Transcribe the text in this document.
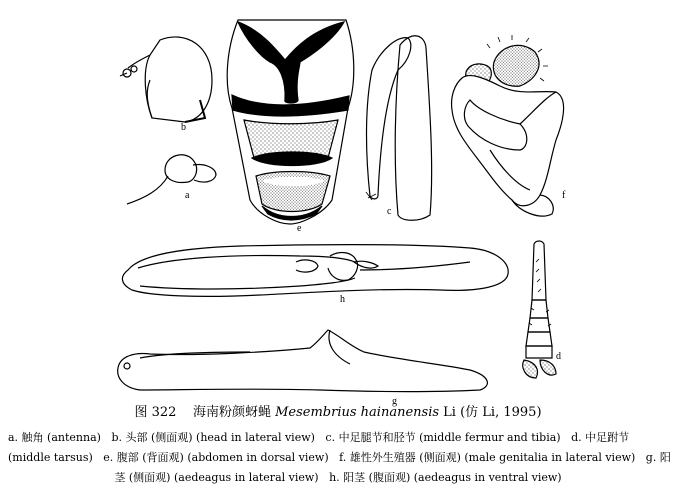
b
a
e
c
f
h
g
d
图 322 海南粉颜蚜蝇 Mesembrius hainanensis Li (仿 Li, 1995)
a. 触角 (antenna) b. 头部 (侧面观) (head in lateral view) c. 中足腿节和胫节 (middle fermur and tibia) d. 中足跗节
(middle tarsus) e. 腹部 (背面观) (abdomen in dorsal view) f. 雄性外生殖器 (侧面观) (male genitalia in lateral view) g. 阳
茎 (侧面观) (aedeagus in lateral view) h. 阳茎 (腹面观) (aedeagus in ventral view)
